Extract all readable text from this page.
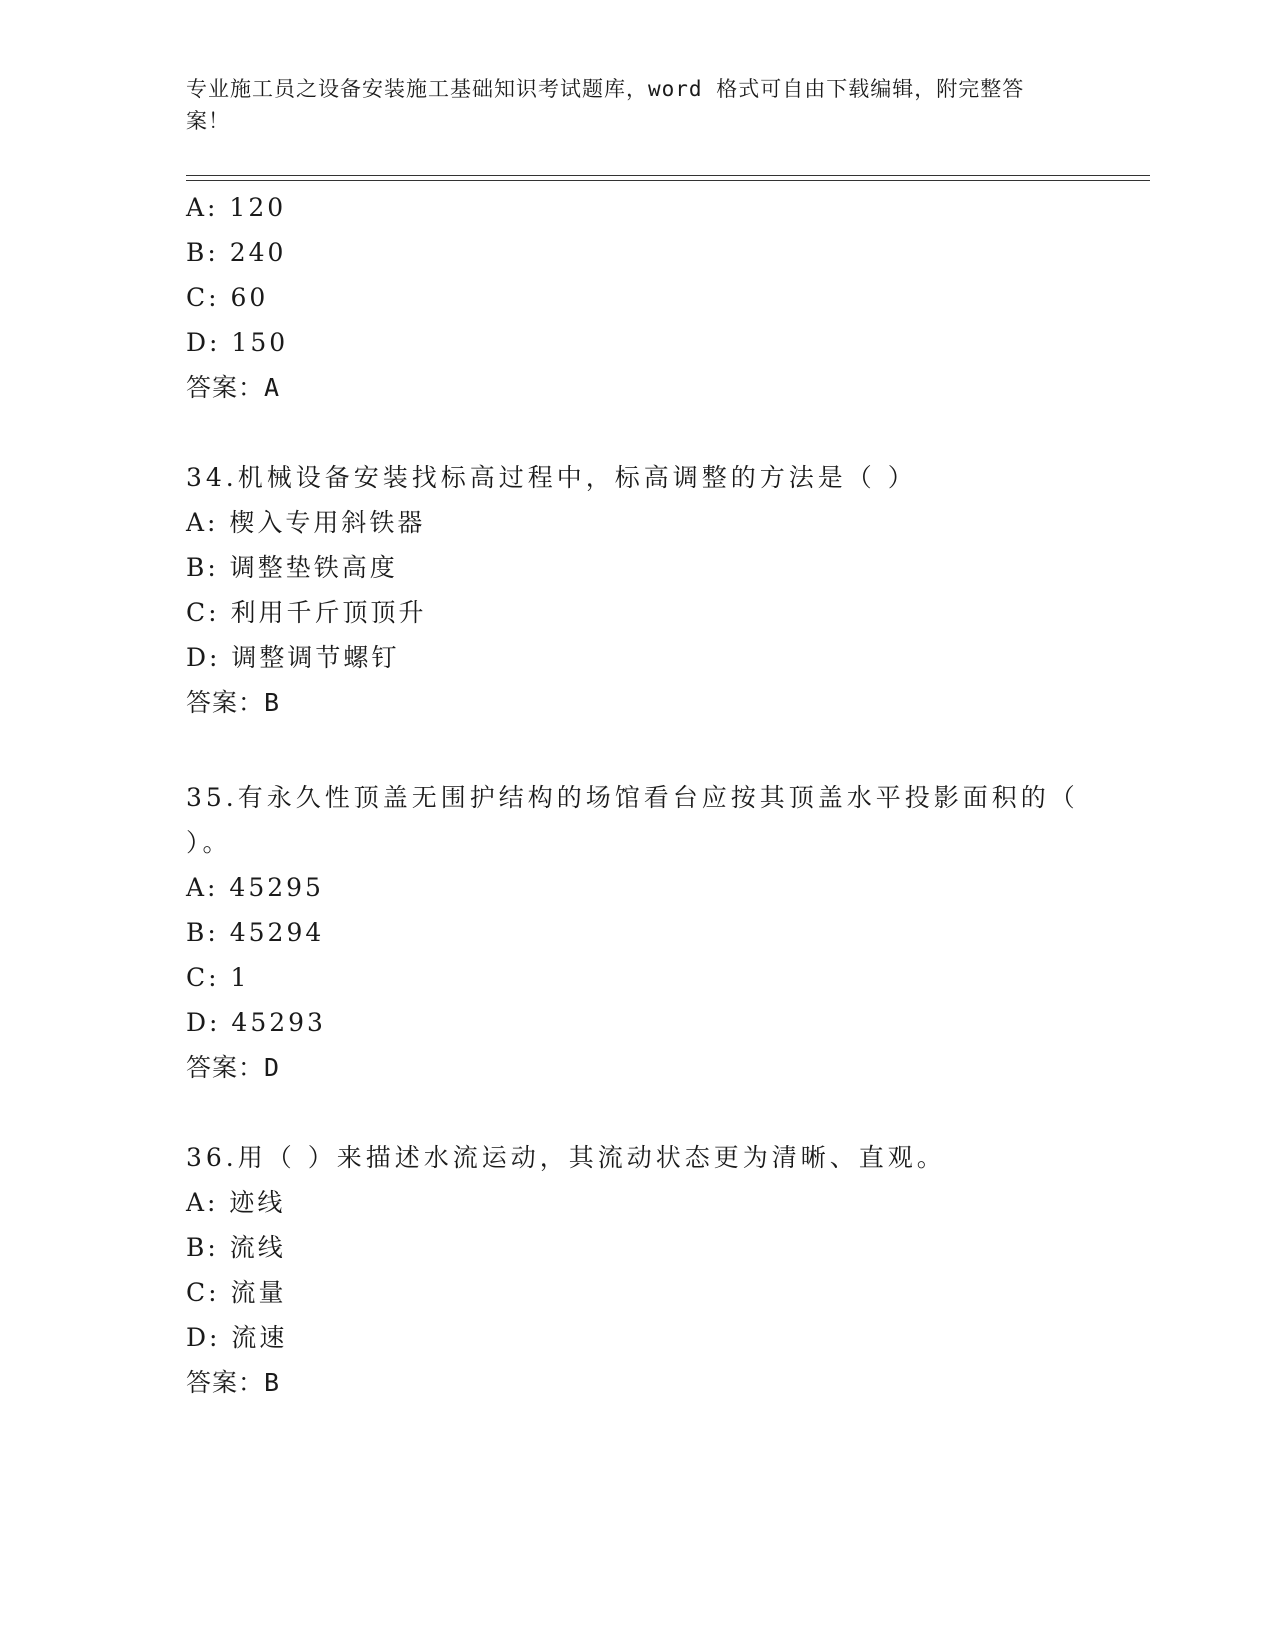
专业施工员之设备安装施工基础知识考试题库，word 格式可自由下载编辑，附完整答案！
A: 120
B: 240
C: 60
D: 150
答案：A
34.机械设备安装找标高过程中，标高调整的方法是（ ）
A: 楔入专用斜铁器
B: 调整垫铁高度
C: 利用千斤顶顶升
D: 调整调节螺钉
答案：B
35.有永久性顶盖无围护结构的场馆看台应按其顶盖水平投影面积的（ ）。
A: 45295
B: 45294
C: 1
D: 45293
答案：D
36.用（ ）来描述水流运动，其流动状态更为清晰、直观。
A: 迹线
B: 流线
C: 流量
D: 流速
答案：B
